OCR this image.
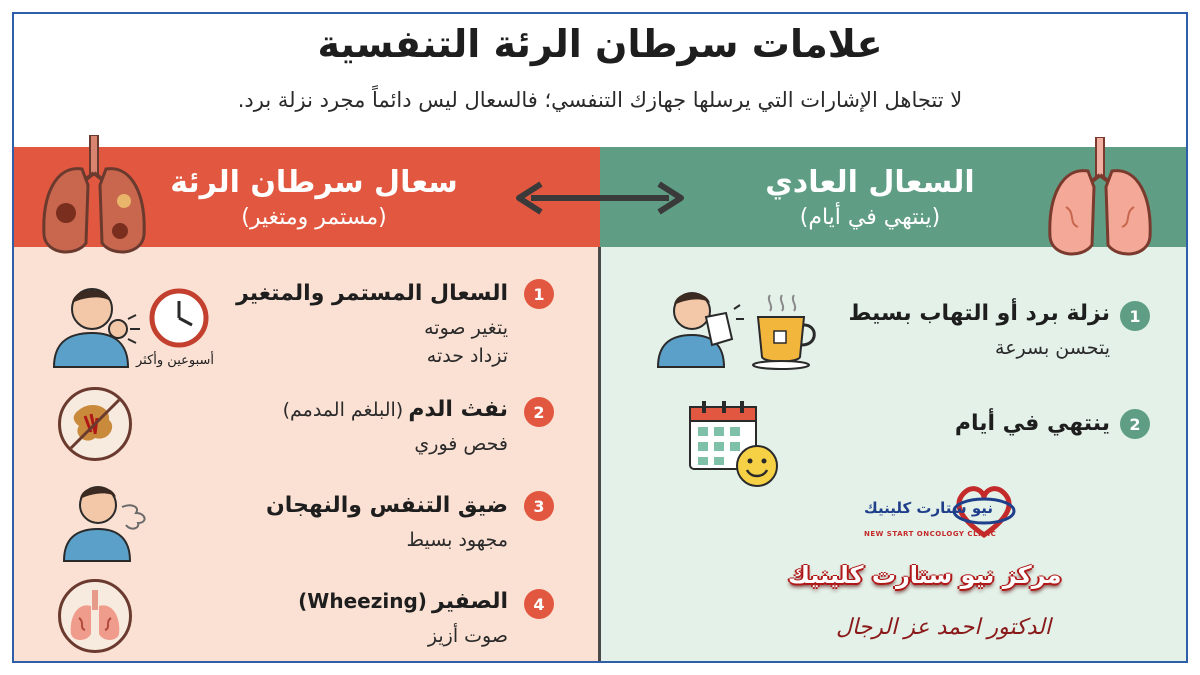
علامات سرطان الرئة التنفسية
لا تتجاهل الإشارات التي يرسلها جهازك التنفسي؛ فالسعال ليس دائماً مجرد نزلة برد.
سعال سرطان الرئة
(مستمر ومتغير)
1
السعال المستمر والمتغير
يتغير صوته
تزداد حدته
أسبوعين وأكثر
2
نفث الدم (البلغم المدمم)
فحص فوري
3
ضيق التنفس والنهجان
مجهود بسيط
4
الصفير (Wheezing)
صوت أزيز
السعال العادي
(ينتهي في أيام)
1
نزلة برد أو التهاب بسيط
يتحسن بسرعة
2
ينتهي في أيام
نيو ستارت كلينيك
NEW START ONCOLOGY CLINIC
مركز نيو ستارت كلينيك
الدكتور احمد عز الرجال
